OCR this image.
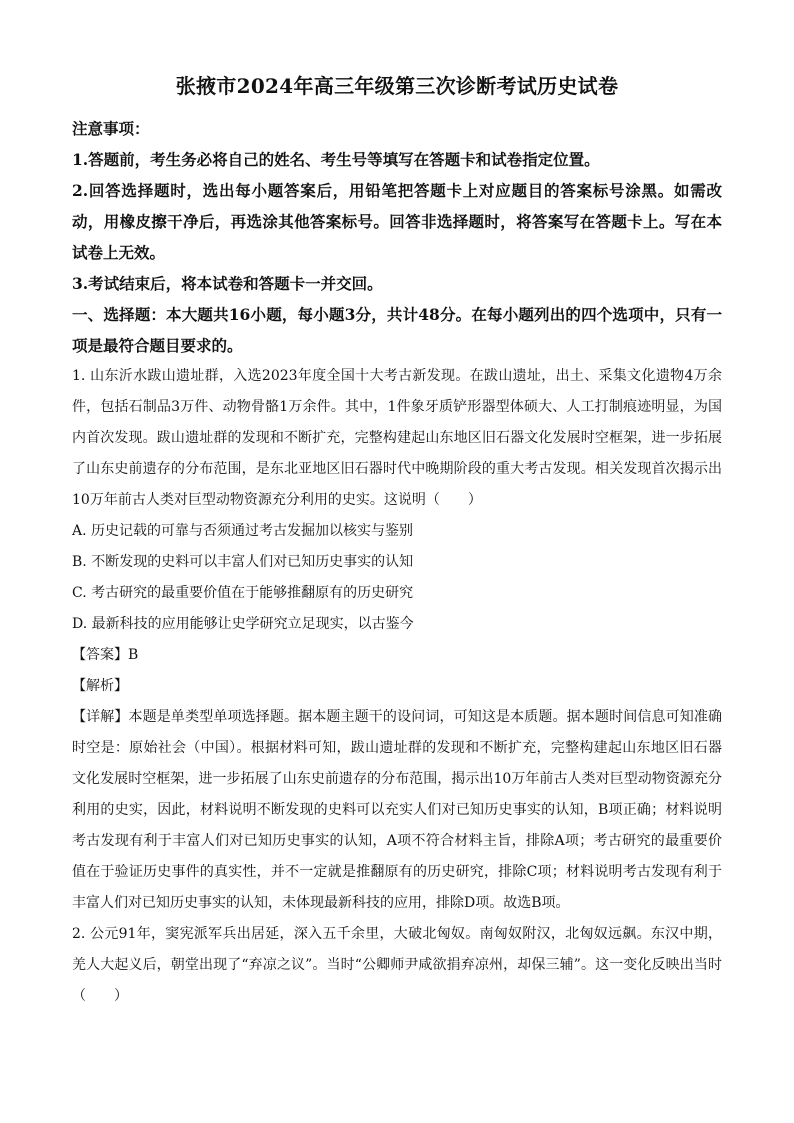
张掖市2024年高三年级第三次诊断考试历史试卷

注意事项：

1.答题前，考生务必将自己的姓名、考生号等填写在答题卡和试卷指定位置。

2.回答选择题时，选出每小题答案后，用铅笔把答题卡上对应题目的答案标号涂黑。如需改动，用橡皮擦干净后，再选涂其他答案标号。回答非选择题时，将答案写在答题卡上。写在本试卷上无效。

3.考试结束后，将本试卷和答题卡一并交回。

一、选择题：本大题共16小题，每小题3分，共计48分。在每小题列出的四个选项中，只有一项是最符合题目要求的。

1. 山东沂水跋山遗址群，入选2023年度全国十大考古新发现。在跋山遗址，出土、采集文化遗物4万余件，包括石制品3万件、动物骨骼1万余件。其中，1件象牙质铲形器型体硕大、人工打制痕迹明显，为国内首次发现。跋山遗址群的发现和不断扩充，完整构建起山东地区旧石器文化发展时空框架，进一步拓展了山东史前遗存的分布范围，是东北亚地区旧石器时代中晚期阶段的重大考古发现。相关发现首次揭示出10万年前古人类对巨型动物资源充分利用的史实。这说明（　　）

A. 历史记载的可靠与否须通过考古发掘加以核实与鉴别

B. 不断发现的史料可以丰富人们对已知历史事实的认知

C. 考古研究的最重要价值在于能够推翻原有的历史研究

D. 最新科技的应用能够让史学研究立足现实，以古鉴今

【答案】B

【解析】

【详解】本题是单类型单项选择题。据本题主题干的设问词，可知这是本质题。据本题时间信息可知准确时空是：原始社会（中国）。根据材料可知，跋山遗址群的发现和不断扩充，完整构建起山东地区旧石器文化发展时空框架，进一步拓展了山东史前遗存的分布范围，揭示出10万年前古人类对巨型动物资源充分利用的史实，因此，材料说明不断发现的史料可以充实人们对已知历史事实的认知，B项正确；材料说明考古发现有利于丰富人们对已知历史事实的认知，A项不符合材料主旨，排除A项；考古研究的最重要价值在于验证历史事件的真实性，并不一定就是推翻原有的历史研究，排除C项；材料说明考古发现有利于丰富人们对已知历史事实的认知，未体现最新科技的应用，排除D项。故选B项。

2. 公元91年，窦宪派军兵出居延，深入五千余里，大破北匈奴。南匈奴附汉，北匈奴远飙。东汉中期，羌人大起义后，朝堂出现了“弃凉之议”。当时“公卿师尹咸欲捐弃凉州，却保三辅”。这一变化反映出当时（　　）
